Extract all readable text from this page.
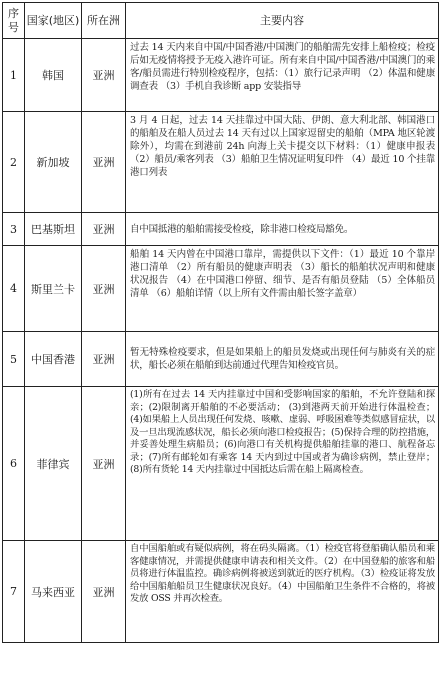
序号	国家(地区)	所在洲	主要内容
1	韩国	亚洲	过去 14 天内来自中国/中国香港/中国澳门的船舶需先安排上船检疫；检疫后如无疫情将授予无疫入港许可证。所有来自中国/中国香港/中国澳门的乘客/船员需进行特别检疫程序，包括：（1）旅行记录声明 （2）体温和健康调查表 （3）手机自我诊断 app 安装指导
2	新加坡	亚洲	3 月 4 日起，过去 14 天挂靠过中国大陆、伊朗、意大利北部、韩国港口的船舶及在船人员过去 14 天有过以上国家逗留史的船舶（MPA 地区轮渡除外），均需在到港前 24h 向海上关卡提交以下材料：（1）健康申报表 （2）船员/乘客列表 （3）船舶卫生情况证明复印件 （4）最近 10 个挂靠港口列表
3	巴基斯坦	亚洲	自中国抵港的船舶需接受检疫，除非港口检疫局豁免。
4	斯里兰卡	亚洲	船舶 14 天内曾在中国港口靠岸，需提供以下文件：（1）最近 10 个靠岸港口清单 （2）所有船员的健康声明表 （3）船长的船舶状况声明和健康状况报告 （4）在中国港口停留、细节、是否有船员登陆 （5）全体船员清单 （6）船舶详情（以上所有文件需由船长签字盖章）
5	中国香港	亚洲	暂无特殊检疫要求，但是如果船上的船员发烧或出现任何与肺炎有关的症状，船长必须在船舶到达前通过代理告知检疫官员。
6	菲律宾	亚洲	(1)所有在过去 14 天内挂靠过中国和受影响国家的船舶，不允许登陆和探亲；(2)限制离开船舶的不必要活动； (3)到港两天前开始进行体温检查； (4)如果船上人员出现任何发烧、咳嗽、虚弱、呼吸困难等类似感冒症状，以及一旦出现流感状况，船长必须向港口检疫报告；(5)保持合理的防控措施，并妥善处理生病船员；(6)向港口有关机构提供船舶挂靠的港口、航程备忘录；(7)所有邮轮如有乘客 14 天内到过中国或者为确诊病例，禁止登岸； (8)所有货轮 14 天内挂靠过中国抵达后需在船上隔离检查。
7	马来西亚	亚洲	自中国船舶或有疑似病例，将在码头隔离。（1）检疫官将登船确认船员和乘客健康情况，并需提供健康申请表和相关文件。（2）在中国登船的旅客和船员将进行体温监控。确诊病例将被送到就近的医疗机构。（3）检疫证将发放给中国船舶船员卫生健康状况良好。（4）中国船舶卫生条件不合格的，将被发放 OSS 并再次检查。
